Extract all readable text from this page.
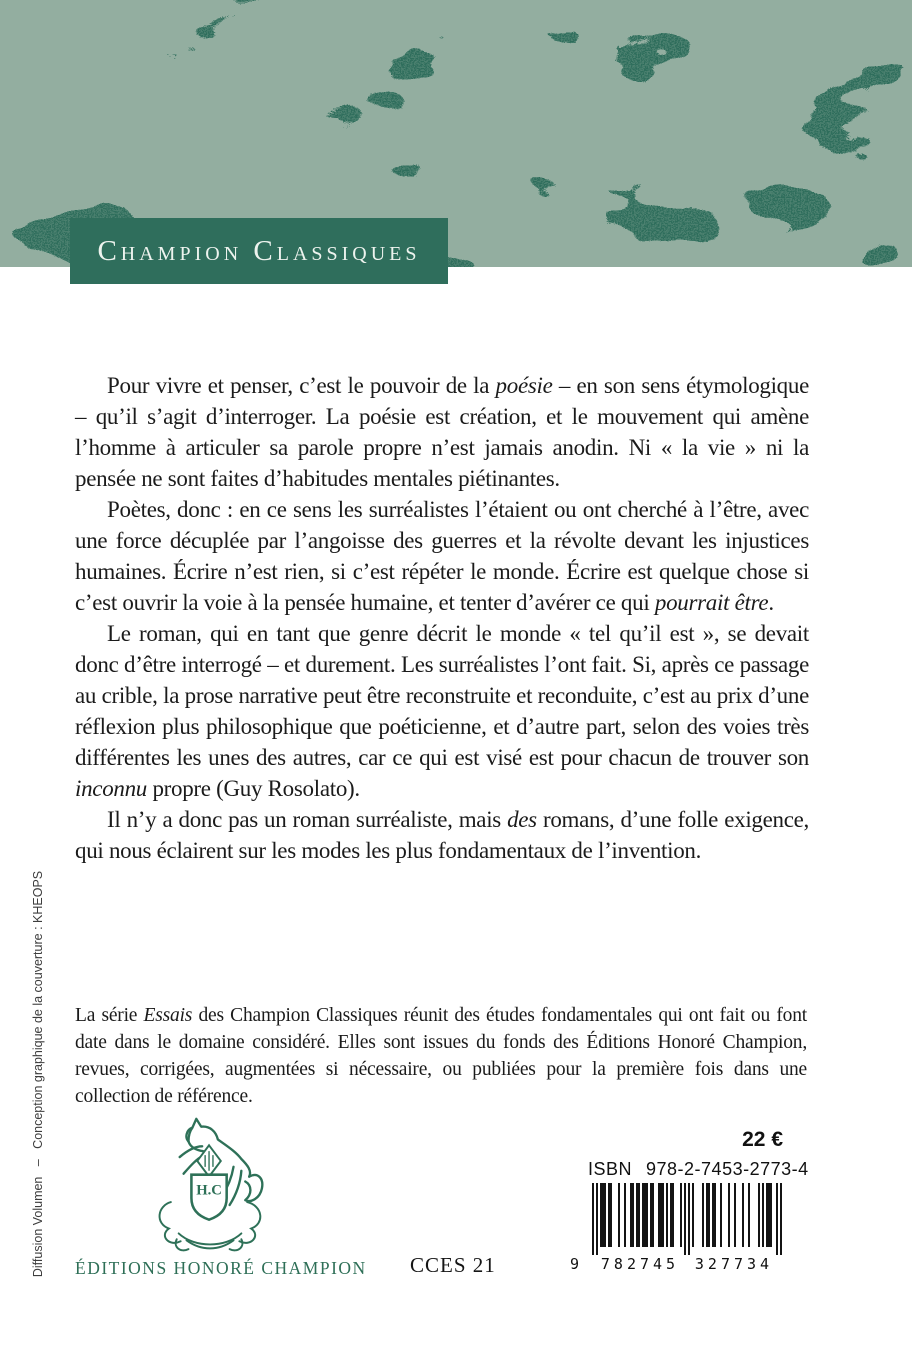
Champion Classiques

Pour vivre et penser, c’est le pouvoir de la poésie – en son sens étymologique – qu’il s’agit d’interroger. La poésie est création, et le mouvement qui amène l’homme à articuler sa parole propre n’est jamais anodin. Ni « la vie » ni la pensée ne sont faites d’habitudes mentales piétinantes.

Poètes, donc : en ce sens les surréalistes l’étaient ou ont cherché à l’être, avec une force décuplée par l’angoisse des guerres et la révolte devant les injustices humaines. Écrire n’est rien, si c’est répéter le monde. Écrire est quelque chose si c’est ouvrir la voie à la pensée humaine, et tenter d’avérer ce qui pourrait être.

Le roman, qui en tant que genre décrit le monde « tel qu’il est », se devait donc d’être interrogé – et durement. Les surréalistes l’ont fait. Si, après ce passage au crible, la prose narrative peut être reconstruite et reconduite, c’est au prix d’une réflexion plus philosophique que poéticienne, et d’autre part, selon des voies très différentes les unes des autres, car ce qui est visé est pour chacun de trouver son inconnu propre (Guy Rosolato).

Il n’y a donc pas un roman surréaliste, mais des romans, d’une folle exigence, qui nous éclairent sur les modes les plus fondamentaux de l’invention.

La série Essais des Champion Classiques réunit des études fondamentales qui ont fait ou font date dans le domaine considéré. Elles sont issues du fonds des Éditions Honoré Champion, revues, corrigées, augmentées si nécessaire, ou publiées pour la première fois dans une collection de référence.
Diffusion Volumen   –   Conception graphique de la couverture : KHEOPS	H.C
ÉDITIONS HONORÉ CHAMPION CCES 21
22 €
ISBN 978-2-7453-2773-4
9 782745 327734
